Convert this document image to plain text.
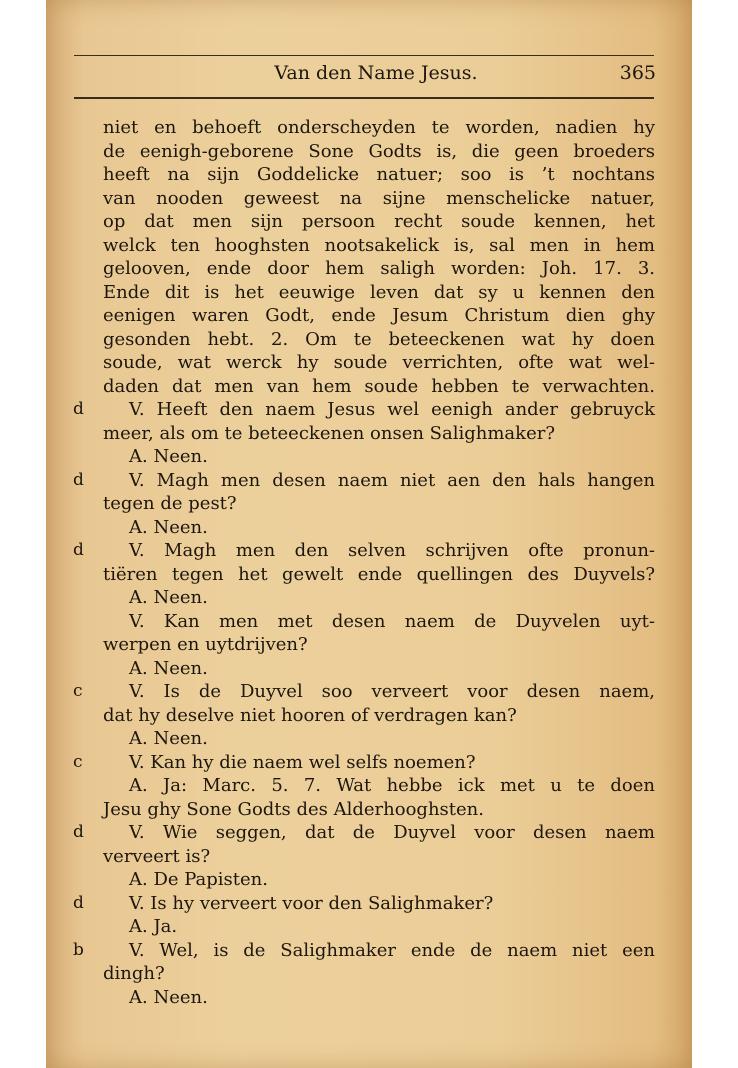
Van den Name Jesus.	365
niet en behoeft onderscheyden te worden, nadien hy
de eenigh-geborene Sone Godts is, die geen broeders
heeft na sijn Goddelicke natuer; soo is ’t nochtans
van nooden geweest na sijne menschelicke natuer,
op dat men sijn persoon recht soude kennen, het
welck ten hooghsten nootsakelick is, sal men in hem
gelooven, ende door hem saligh worden: Joh. 17. 3.
Ende dit is het eeuwige leven dat sy u kennen den
eenigen waren Godt, ende Jesum Christum dien ghy
gesonden hebt. 2. Om te beteeckenen wat hy doen
soude, wat werck hy soude verrichten, ofte wat wel-
daden dat men van hem soude hebben te verwachten.
d	V. Heeft den naem Jesus wel eenigh ander gebruyck
meer, als om te beteeckenen onsen Salighmaker?
A. Neen.
d	V. Magh men desen naem niet aen den hals hangen
tegen de pest?
A. Neen.
d	V. Magh men den selven schrijven ofte pronun-
tiëren tegen het gewelt ende quellingen des Duyvels?
A. Neen.
V. Kan men met desen naem de Duyvelen uyt-
werpen en uytdrijven?
A. Neen.
c	V. Is de Duyvel soo verveert voor desen naem,
dat hy deselve niet hooren of verdragen kan?
A. Neen.
c	V. Kan hy die naem wel selfs noemen?
A. Ja: Marc. 5. 7. Wat hebbe ick met u te doen
Jesu ghy Sone Godts des Alderhooghsten.
d	V. Wie seggen, dat de Duyvel voor desen naem
verveert is?
A. De Papisten.
d	V. Is hy verveert voor den Salighmaker?
A. Ja.
b	V. Wel, is de Salighmaker ende de naem niet een
dingh?
A. Neen.
